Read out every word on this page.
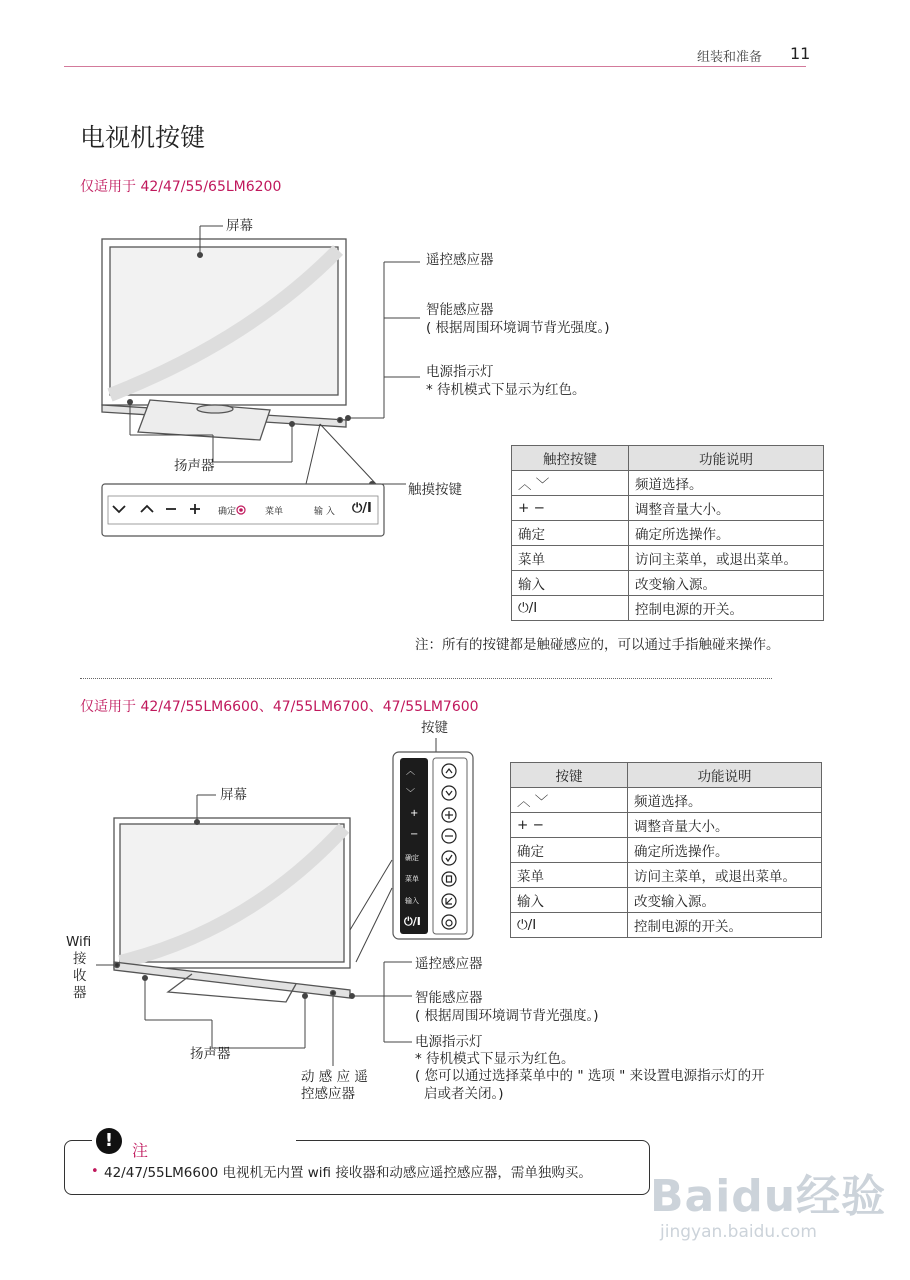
组装和准备 11
电视机按键
仅适用于 42/47/55/65LM6200
屏幕
遥控感应器
智能感应器
( 根据周围环境调节背光强度。)
电源指示灯
* 待机模式下显示为红色。
扬声器
触摸按键
确定	菜单	输 入 ⏻/I
触控按键	功能说明
︿ ﹀	频道选择。
+ −	调整音量大小。
确定	确定所选操作。
菜单	访问主菜单，或退出菜单。
输入	改变输入源。
⏻/I	控制电源的开关。
注：所有的按键都是触碰感应的，可以通过手指触碰来操作。
仅适用于 42/47/55LM6600、47/55LM6700、47/55LM7600
按键
屏幕
︿
﹀
+
−
确定
菜单
输入
⏻/I
Wifi
接
收
器
遥控感应器
智能感应器
( 根据周围环境调节背光强度。)
电源指示灯
* 待机模式下显示为红色。
( 您可以通过选择菜单中的 " 选项 " 来设置电源指示灯的开
启或者关闭。)
扬声器
动 感 应 遥
控感应器
按键	功能说明
︿ ﹀	频道选择。
+ −	调整音量大小。
确定	确定所选操作。
菜单	访问主菜单，或退出菜单。
输入	改变输入源。
⏻/I	控制电源的开关。
!	注
• 42/47/55LM6600 电视机无内置 wifi 接收器和动感应遥控感应器，需单独购买。 Baidu经验
jingyan.baidu.com
